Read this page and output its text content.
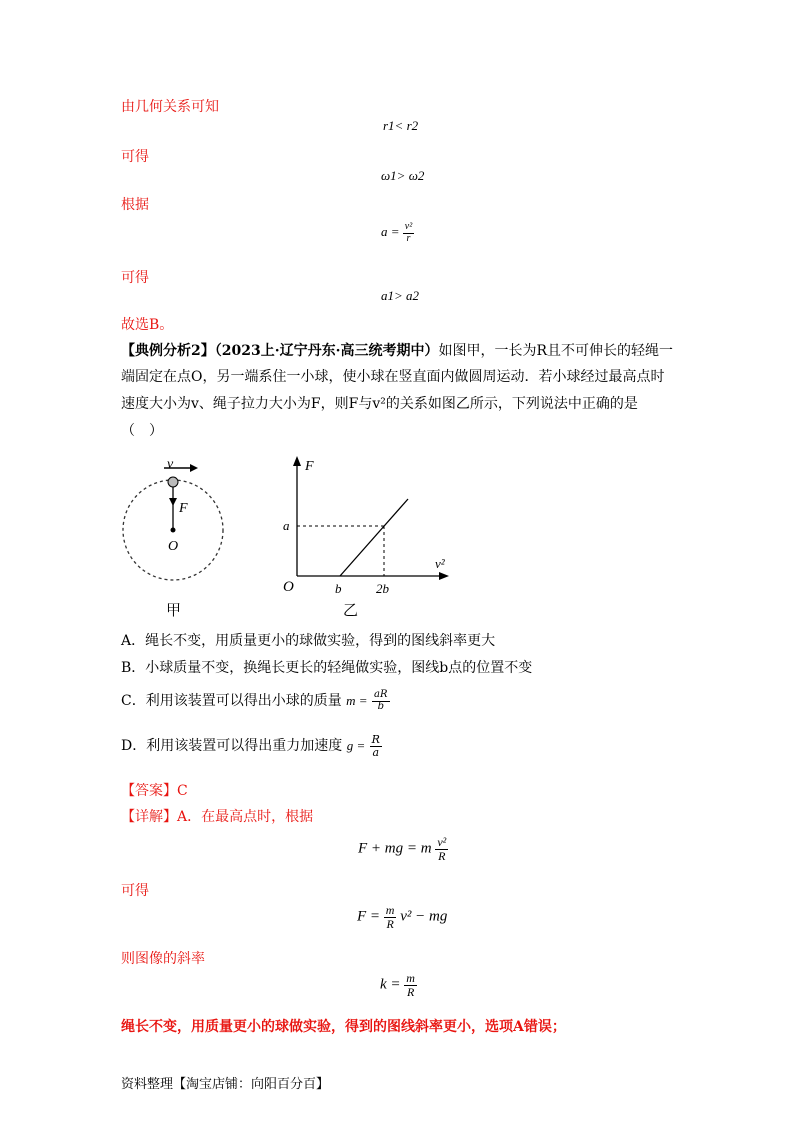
由几何关系可知
r1< r2
可得
ω1> ω2
根据
$a = \frac{\text{v²}}{r}$
可得
a1> a2
故选B。
【典例分析2】（2023上·辽宁丹东·高三统考期中）如图甲，一长为R且不可伸长的轻绳一
端固定在点O，另一端系住一小球，使小球在竖直面内做圆周运动．若小球经过最高点时
速度大小为v、绳子拉力大小为F，则F与v²的关系如图乙所示，下列说法中正确的是
（　）
v
F
O
甲
F
a
O	b	2b
v²
乙
A．绳长不变，用质量更小的球做实验，得到的图线斜率更大
B．小球质量不变，换绳长更长的轻绳做实验，图线b点的位置不变
C．利用该装置可以得出小球的质量 $m = \frac{aR}{b}$
D．利用该装置可以得出重力加速度 $g = \frac{R}{a}$
【答案】C
【详解】A．在最高点时，根据
F + mg = m $\frac{\text{v²}}{R}$
可得
$F = \frac{m}{R} v^2$ − mg
则图像的斜率
$k = \frac{m}{R}$
绳长不变，用质量更小的球做实验，得到的图线斜率更小，选项A错误；
资料整理【淘宝店铺：向阳百分百】
